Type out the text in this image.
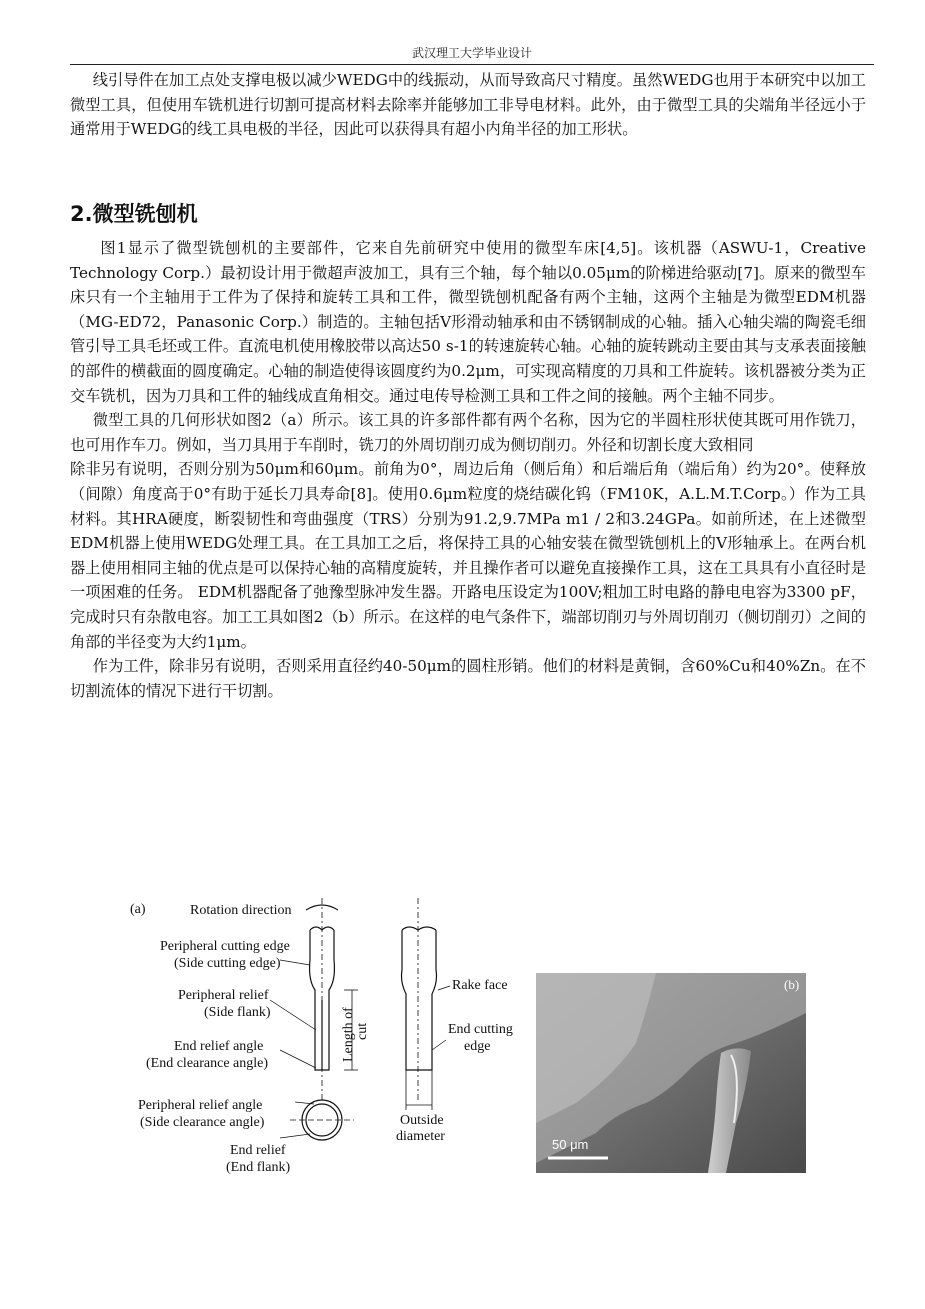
武汉理工大学毕业设计

线引导件在加工点处支撑电极以减少WEDG中的线振动，从而导致高尺寸精度。虽然WEDG也用于本研究中以加工微型工具，但使用车铣机进行切割可提高材料去除率并能够加工非导电材料。此外，由于微型工具的尖端角半径远小于通常用于WEDG的线工具电极的半径，因此可以获得具有超小内角半径的加工形状。

2.微型铣刨机

图1显示了微型铣刨机的主要部件，它来自先前研究中使用的微型车床[4,5]。该机器（ASWU-1，Creative Technology Corp.）最初设计用于微超声波加工，具有三个轴，每个轴以0.05μm的阶梯进给驱动[7]。原来的微型车床只有一个主轴用于工件为了保持和旋转工具和工件，微型铣刨机配备有两个主轴，这两个主轴是为微型EDM机器（MG-ED72，Panasonic Corp.）制造的。主轴包括V形滑动轴承和由不锈钢制成的心轴。插入心轴尖端的陶瓷毛细管引导工具毛坯或工件。直流电机使用橡胶带以高达50 s-1的转速旋转心轴。心轴的旋转跳动主要由其与支承表面接触的部件的横截面的圆度确定。心轴的制造使得该圆度约为0.2μm，可实现高精度的刀具和工件旋转。该机器被分类为正交车铣机，因为刀具和工件的轴线成直角相交。通过电传导检测工具和工件之间的接触。两个主轴不同步。

微型工具的几何形状如图2（a）所示。该工具的许多部件都有两个名称，因为它的半圆柱形状使其既可用作铣刀，也可用作车刀。例如，当刀具用于车削时，铣刀的外周切削刃成为侧切削刃。外径和切割长度大致相同

除非另有说明，否则分别为50μm和60μm。前角为0°，周边后角（侧后角）和后端后角（端后角）约为20°。使释放（间隙）角度高于0°有助于延长刀具寿命[8]。使用0.6μm粒度的烧结碳化钨（FM10K，A.L.M.T.Corp。）作为工具材料。其HRA硬度，断裂韧性和弯曲强度（TRS）分别为91.2,9.7MPa m1 / 2和3.24GPa。如前所述，在上述微型EDM机器上使用WEDG处理工具。在工具加工之后，将保持工具的心轴安装在微型铣刨机上的V形轴承上。在两台机器上使用相同主轴的优点是可以保持心轴的高精度旋转，并且操作者可以避免直接操作工具，这在工具具有小直径时是一项困难的任务。 EDM机器配备了弛豫型脉冲发生器。开路电压设定为100V;粗加工时电路的静电电容为3300 pF，完成时只有杂散电容。加工工具如图2（b）所示。在这样的电气条件下，端部切削刃与外周切削刃（侧切削刃）之间的角部的半径变为大约1μm。

作为工件，除非另有说明，否则采用直径约40-50μm的圆柱形销。他们的材料是黄铜，含60%Cu和40%Zn。在不切割流体的情况下进行干切割。

(a)	Rotation direction
Peripheral cutting edge
(Side cutting edge)
Peripheral relief
(Side flank)
End relief angle
(End clearance angle)
Peripheral relief angle
(Side clearance angle)
End relief
(End flank)
Rake face
End cutting
edge
Outside
diameter
Length of cut
(b)
50 μm
